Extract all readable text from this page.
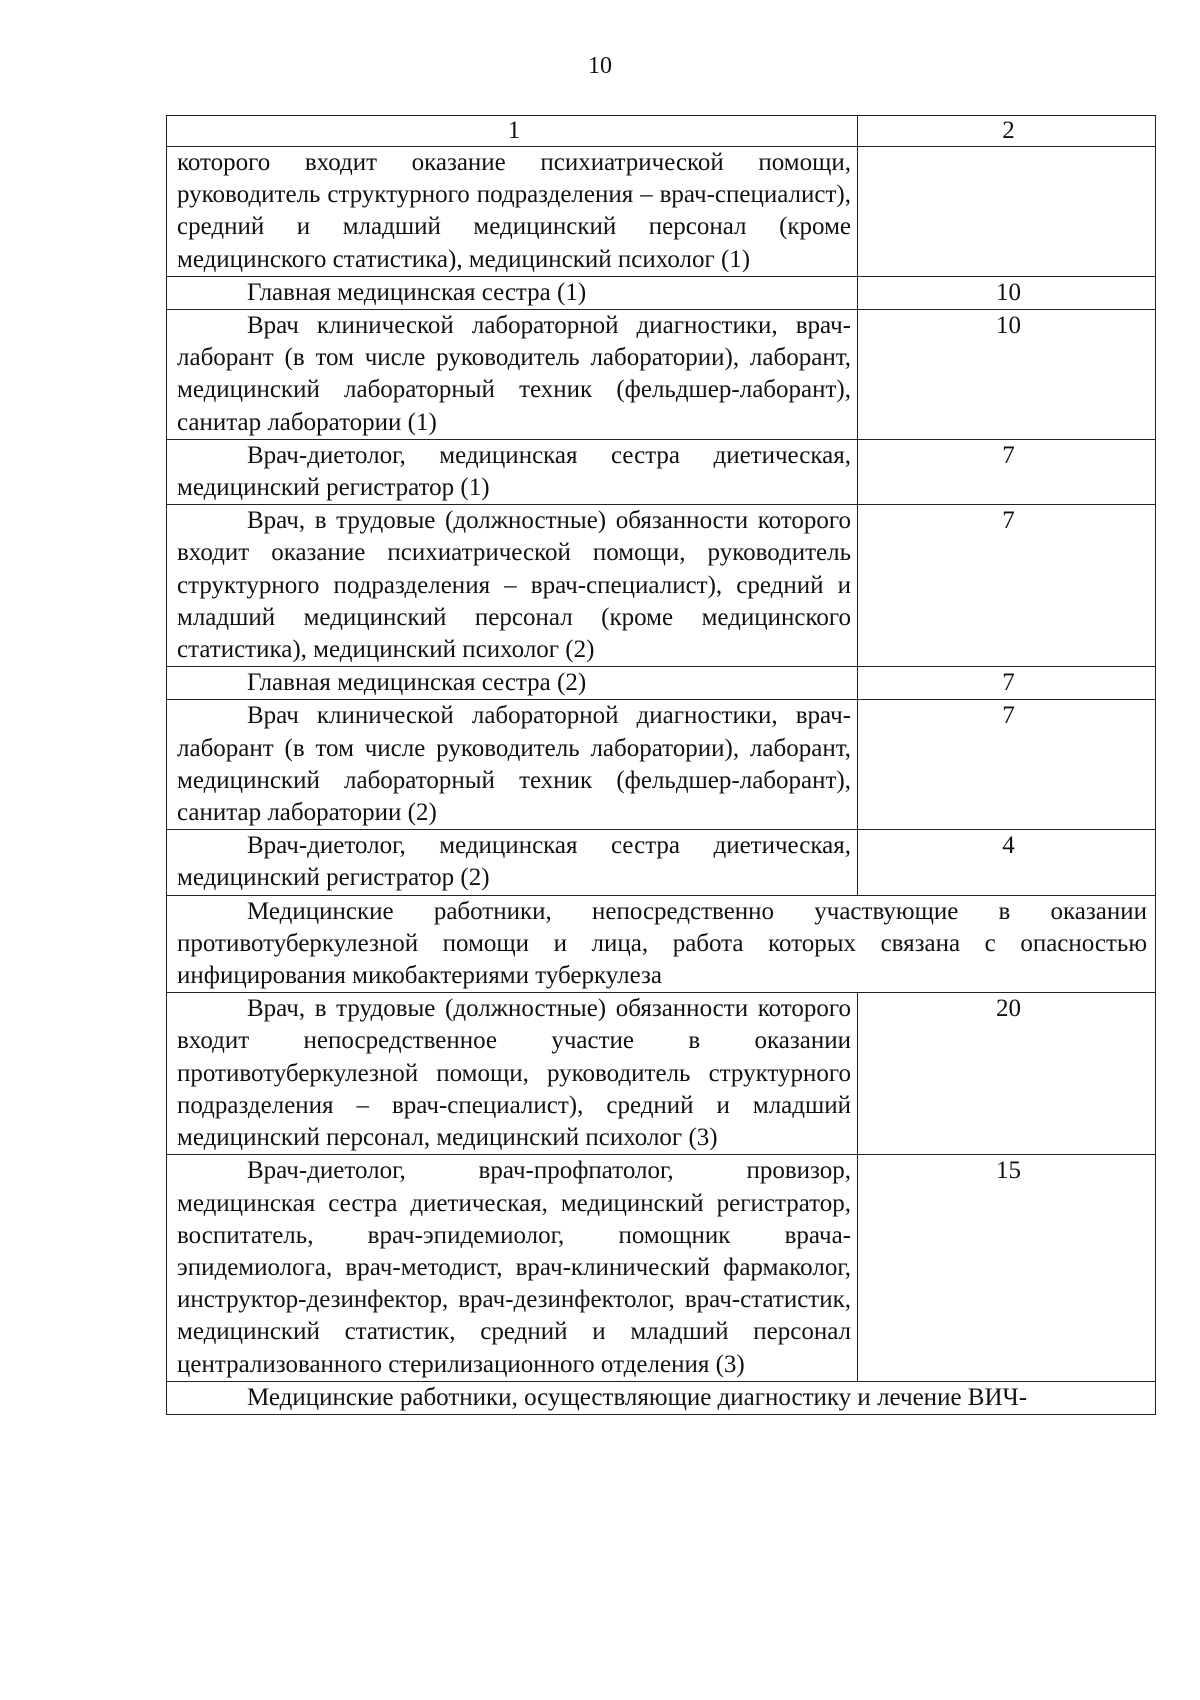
10
1	2

которого входит оказание психиатрической помощи, руководитель структурного подразделения – врач-специалист), средний и младший медицинский персонал (кроме медицинского статистика), медицинский психолог (1)	

Главная медицинская сестра (1)	10

Врач клинической лабораторной диагностики, врач-лаборант (в том числе руководитель лаборатории), лаборант, медицинский лабораторный техник (фельдшер-лаборант), санитар лаборатории (1)	10

Врач-диетолог, медицинская сестра диетическая, медицинский регистратор (1)	7

Врач, в трудовые (должностные) обязанности которого входит оказание психиатрической помощи, руководитель структурного подразделения – врач-специалист), средний и младший медицинский персонал (кроме медицинского статистика), медицинский психолог (2)	7

Главная медицинская сестра (2)	7

Врач клинической лабораторной диагностики, врач-лаборант (в том числе руководитель лаборатории), лаборант, медицинский лабораторный техник (фельдшер-лаборант), санитар лаборатории (2)	7

Врач-диетолог, медицинская сестра диетическая, медицинский регистратор (2)	4

Медицинские работники, непосредственно участвующие в оказании противотуберкулезной помощи и лица, работа которых связана с опасностью инфицирования микобактериями туберкулеза	

Врач, в трудовые (должностные) обязанности которого входит непосредственное участие в оказании противотуберкулезной помощи, руководитель структурного подразделения – врач-специалист), средний и младший медицинский персонал, медицинский психолог (3)	20

Врач-диетолог, врач-профпатолог, провизор, медицинская сестра диетическая, медицинский регистратор, воспитатель, врач-эпидемиолог, помощник врача-эпидемиолога, врач-методист, врач-клинический фармаколог, инструктор-дезинфектор, врач-дезинфектолог, врач-статистик, медицинский статистик, средний и младший персонал централизованного стерилизационного отделения (3)	15

Медицинские работники, осуществляющие диагностику и лечение ВИЧ-	
